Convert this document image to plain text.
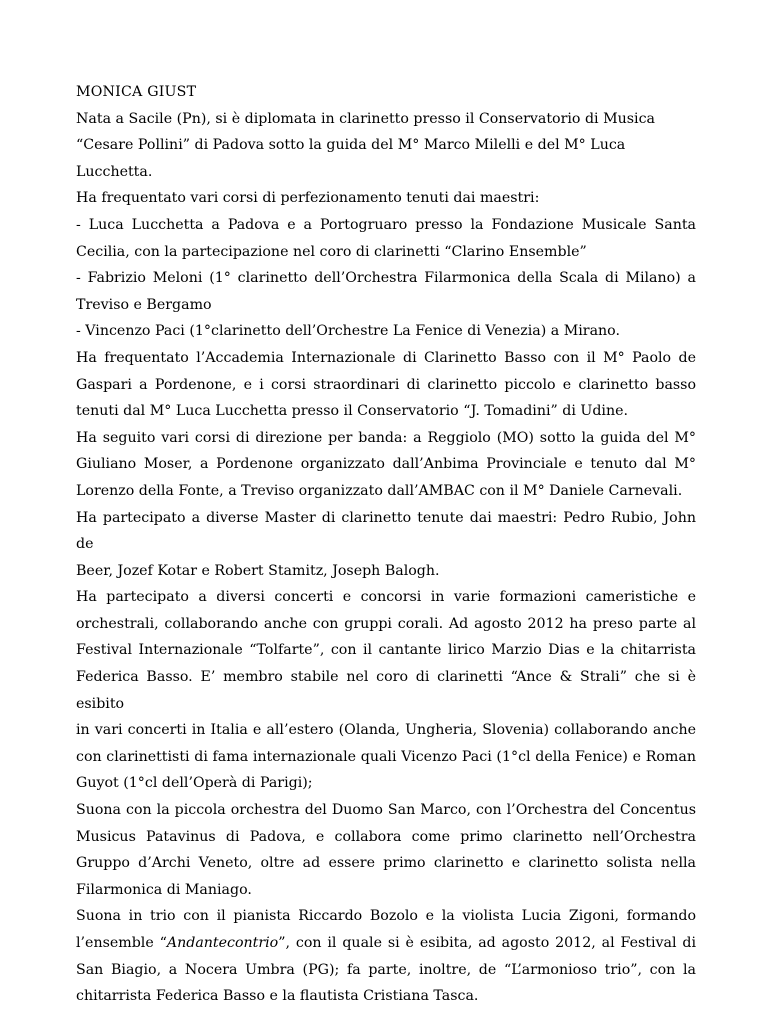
MONICA GIUST
Nata a Sacile (Pn), si è diplomata in clarinetto presso il Conservatorio di Musica
“Cesare Pollini” di Padova sotto la guida del M° Marco Milelli e del M° Luca
Lucchetta.
Ha frequentato vari corsi di perfezionamento tenuti dai maestri:
- Luca Lucchetta a Padova e a Portogruaro presso la Fondazione Musicale Santa
Cecilia, con la partecipazione nel coro di clarinetti “Clarino Ensemble”
- Fabrizio Meloni (1° clarinetto dell’Orchestra Filarmonica della Scala di Milano) a
Treviso e Bergamo
- Vincenzo Paci (1°clarinetto dell’Orchestre La Fenice di Venezia) a Mirano.
Ha frequentato l’Accademia Internazionale di Clarinetto Basso con il M° Paolo de
Gaspari a Pordenone, e i corsi straordinari di clarinetto piccolo e clarinetto basso
tenuti dal M° Luca Lucchetta presso il Conservatorio “J. Tomadini” di Udine.
Ha seguito vari corsi di direzione per banda: a Reggiolo (MO) sotto la guida del M°
Giuliano Moser, a Pordenone organizzato dall’Anbima Provinciale e tenuto dal M°
Lorenzo della Fonte, a Treviso organizzato dall’AMBAC con il M° Daniele Carnevali.
Ha partecipato a diverse Master di clarinetto tenute dai maestri: Pedro Rubio, John de
Beer, Jozef Kotar e Robert Stamitz, Joseph Balogh.
Ha partecipato a diversi concerti e concorsi in varie formazioni cameristiche e
orchestrali, collaborando anche con gruppi corali. Ad agosto 2012 ha preso parte al
Festival Internazionale “Tolfarte”, con il cantante lirico Marzio Dias e la chitarrista
Federica Basso. E’ membro stabile nel coro di clarinetti “Ance & Strali” che si è esibito
in vari concerti in Italia e all’estero (Olanda, Ungheria, Slovenia) collaborando anche
con clarinettisti di fama internazionale quali Vicenzo Paci (1°cl della Fenice) e Roman
Guyot (1°cl dell’Operà di Parigi);
Suona con la piccola orchestra del Duomo San Marco, con l’Orchestra del Concentus
Musicus Patavinus di Padova, e collabora come primo clarinetto nell’Orchestra
Gruppo d’Archi Veneto, oltre ad essere primo clarinetto e clarinetto solista nella
Filarmonica di Maniago.
Suona in trio con il pianista Riccardo Bozolo e la violista Lucia Zigoni, formando
l’ensemble “Andantecontrio”, con il quale si è esibita, ad agosto 2012, al Festival di
San Biagio, a Nocera Umbra (PG); fa parte, inoltre, de “L’armonioso trio”, con la
chitarrista Federica Basso e la flautista Cristiana Tasca.
